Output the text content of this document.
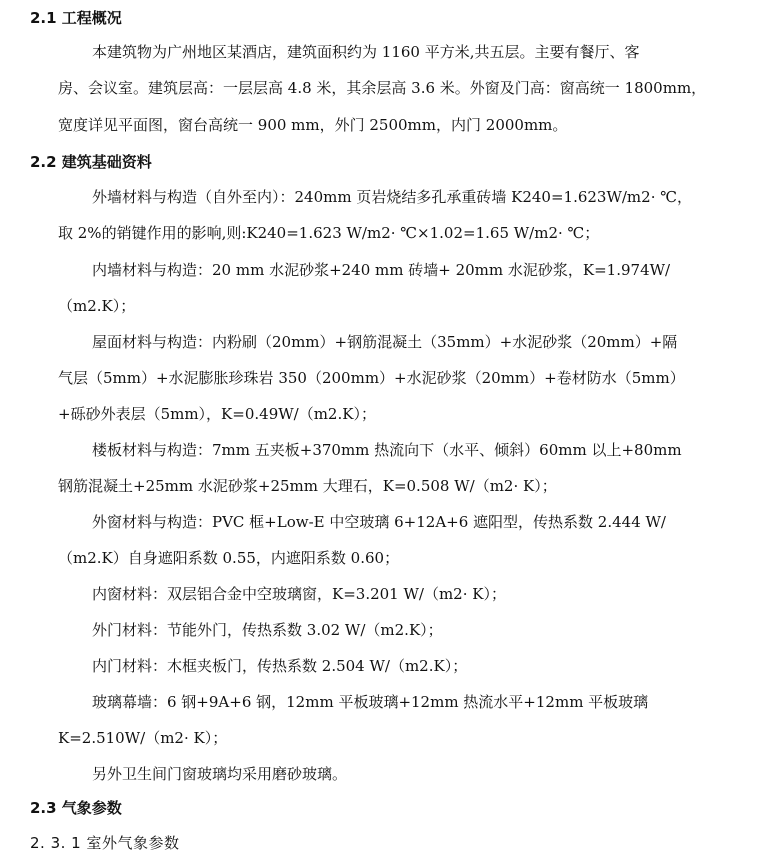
2.1 工程概况
本建筑物为广州地区某酒店，建筑面积约为 1160 平方米,共五层。主要有餐厅、客
房、会议室。建筑层高：一层层高 4.8 米，其余层高 3.6 米。外窗及门高：窗高统一 1800mm，
宽度详见平面图，窗台高统一 900 mm，外门 2500mm，内门 2000mm。
2.2 建筑基础资料
外墙材料与构造（自外至内）：240mm 页岩烧结多孔承重砖墙 K240=1.623W/m2· ℃，
取 2%的销键作用的影响,则:K240=1.623 W/m2· ℃×1.02=1.65 W/m2· ℃；
内墙材料与构造：20 mm 水泥砂浆+240 mm 砖墙+ 20mm 水泥砂浆，K=1.974W/
（m2.K）；
屋面材料与构造：内粉刷（20mm）+钢筋混凝土（35mm）+水泥砂浆（20mm）+隔
气层（5mm）+水泥膨胀珍珠岩 350（200mm）+水泥砂浆（20mm）+卷材防水（5mm）
+砾砂外表层（5mm），K=0.49W/（m2.K）；
楼板材料与构造：7mm 五夹板+370mm 热流向下（水平、倾斜）60mm 以上+80mm
钢筋混凝土+25mm 水泥砂浆+25mm 大理石，K=0.508 W/（m2· K）；
外窗材料与构造：PVC 框+Low-E 中空玻璃 6+12A+6 遮阳型，传热系数 2.444 W/
（m2.K）自身遮阳系数 0.55，内遮阳系数 0.60；
内窗材料：双层铝合金中空玻璃窗，K=3.201 W/（m2· K）；
外门材料：节能外门，传热系数 3.02 W/（m2.K）；
内门材料：木框夹板门，传热系数 2.504 W/（m2.K）；
玻璃幕墙：6 钢+9A+6 钢，12mm 平板玻璃+12mm 热流水平+12mm 平板玻璃
K=2.510W/（m2· K）；
另外卫生间门窗玻璃均采用磨砂玻璃。
2.3 气象参数
2. 3. 1 室外气象参数
